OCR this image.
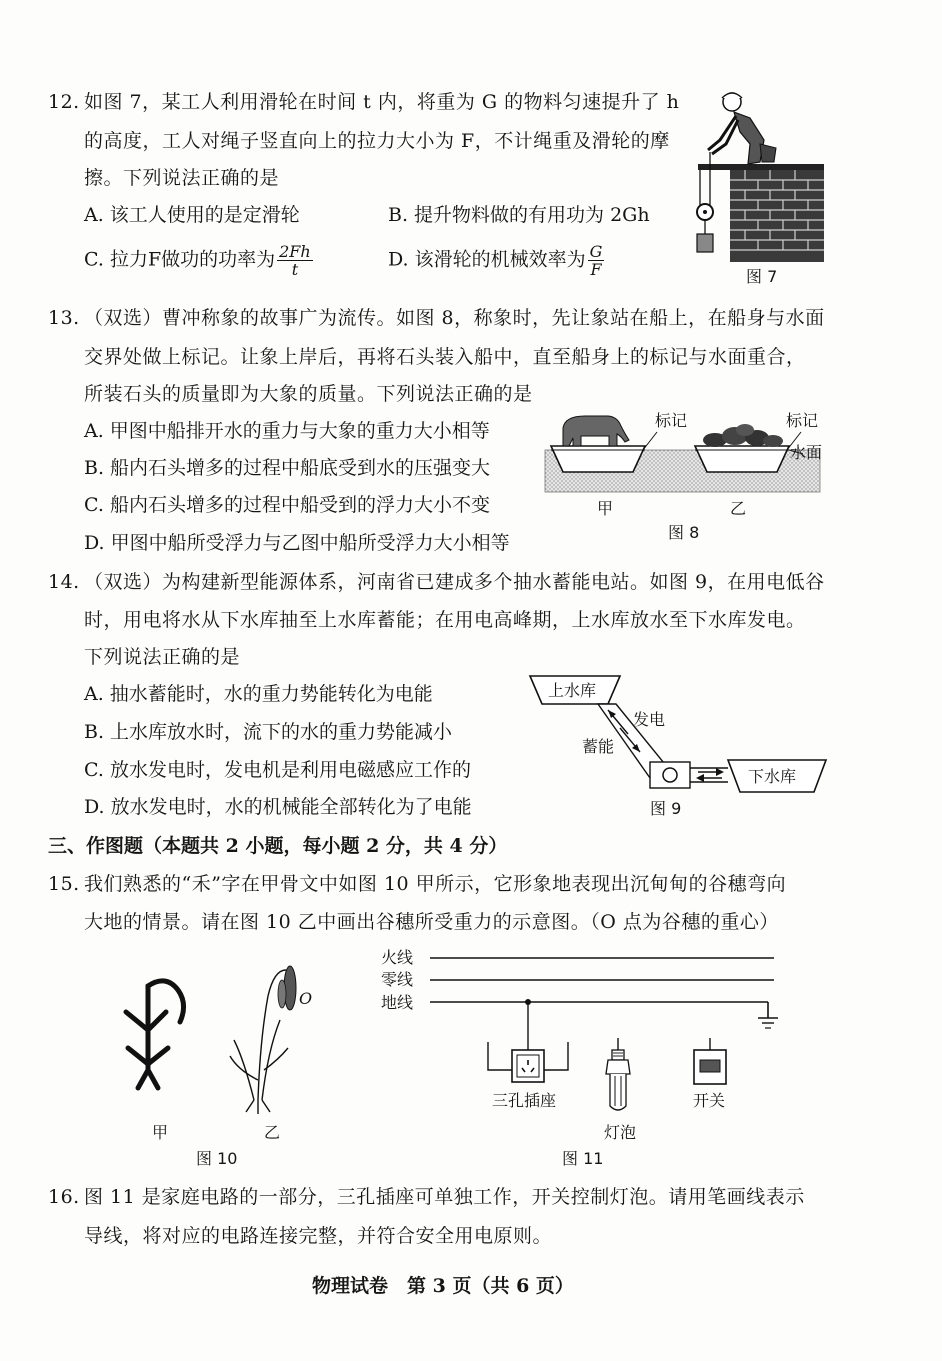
12. 如图 7，某工人利用滑轮在时间 t 内，将重为 G 的物料匀速提升了 h
的高度，工人对绳子竖直向上的拉力大小为 F，不计绳重及滑轮的摩
擦。下列说法正确的是
A. 该工人使用的是定滑轮	B. 提升物料做的有用功为 2Gh
C. 拉力F做功的功率为 $\frac{2Fh}{t}$	D. 该滑轮的机械效率为 $\frac{G}{F}$	图 7
13. （双选）曹冲称象的故事广为流传。如图 8，称象时，先让象站在船上，在船身与水面
交界处做上标记。让象上岸后，再将石头装入船中，直至船身上的标记与水面重合，
所装石头的质量即为大象的质量。下列说法正确的是
A. 甲图中船排开水的重力与大象的重力大小相等
B. 船内石头增多的过程中船底受到水的压强变大
C. 船内石头增多的过程中船受到的浮力大小不变
D. 甲图中船所受浮力与乙图中船所受浮力大小相等
标记	标记
水面
甲	乙
图 8
14. （双选）为构建新型能源体系，河南省已建成多个抽水蓄能电站。如图 9，在用电低谷
时，用电将水从下水库抽至上水库蓄能；在用电高峰期，上水库放水至下水库发电。
下列说法正确的是
A. 抽水蓄能时，水的重力势能转化为电能
B. 上水库放水时，流下的水的重力势能减小
C. 放水发电时，发电机是利用电磁感应工作的
D. 放水发电时，水的机械能全部转化为了电能
上水库
发电
蓄能
下水库
图 9
三、作图题（本题共 2 小题，每小题 2 分，共 4 分）
15. 我们熟悉的“禾”字在甲骨文中如图 10 甲所示，它形象地表现出沉甸甸的谷穗弯向
大地的情景。请在图 10 乙中画出谷穗所受重力的示意图。（O 点为谷穗的重心）
O
甲	乙
图 10
火线
零线
地线
三孔插座	开关
灯泡
图 11
16. 图 11 是家庭电路的一部分，三孔插座可单独工作，开关控制灯泡。请用笔画线表示
导线，将对应的电路连接完整，并符合安全用电原则。
物理试卷　第 3 页（共 6 页）
